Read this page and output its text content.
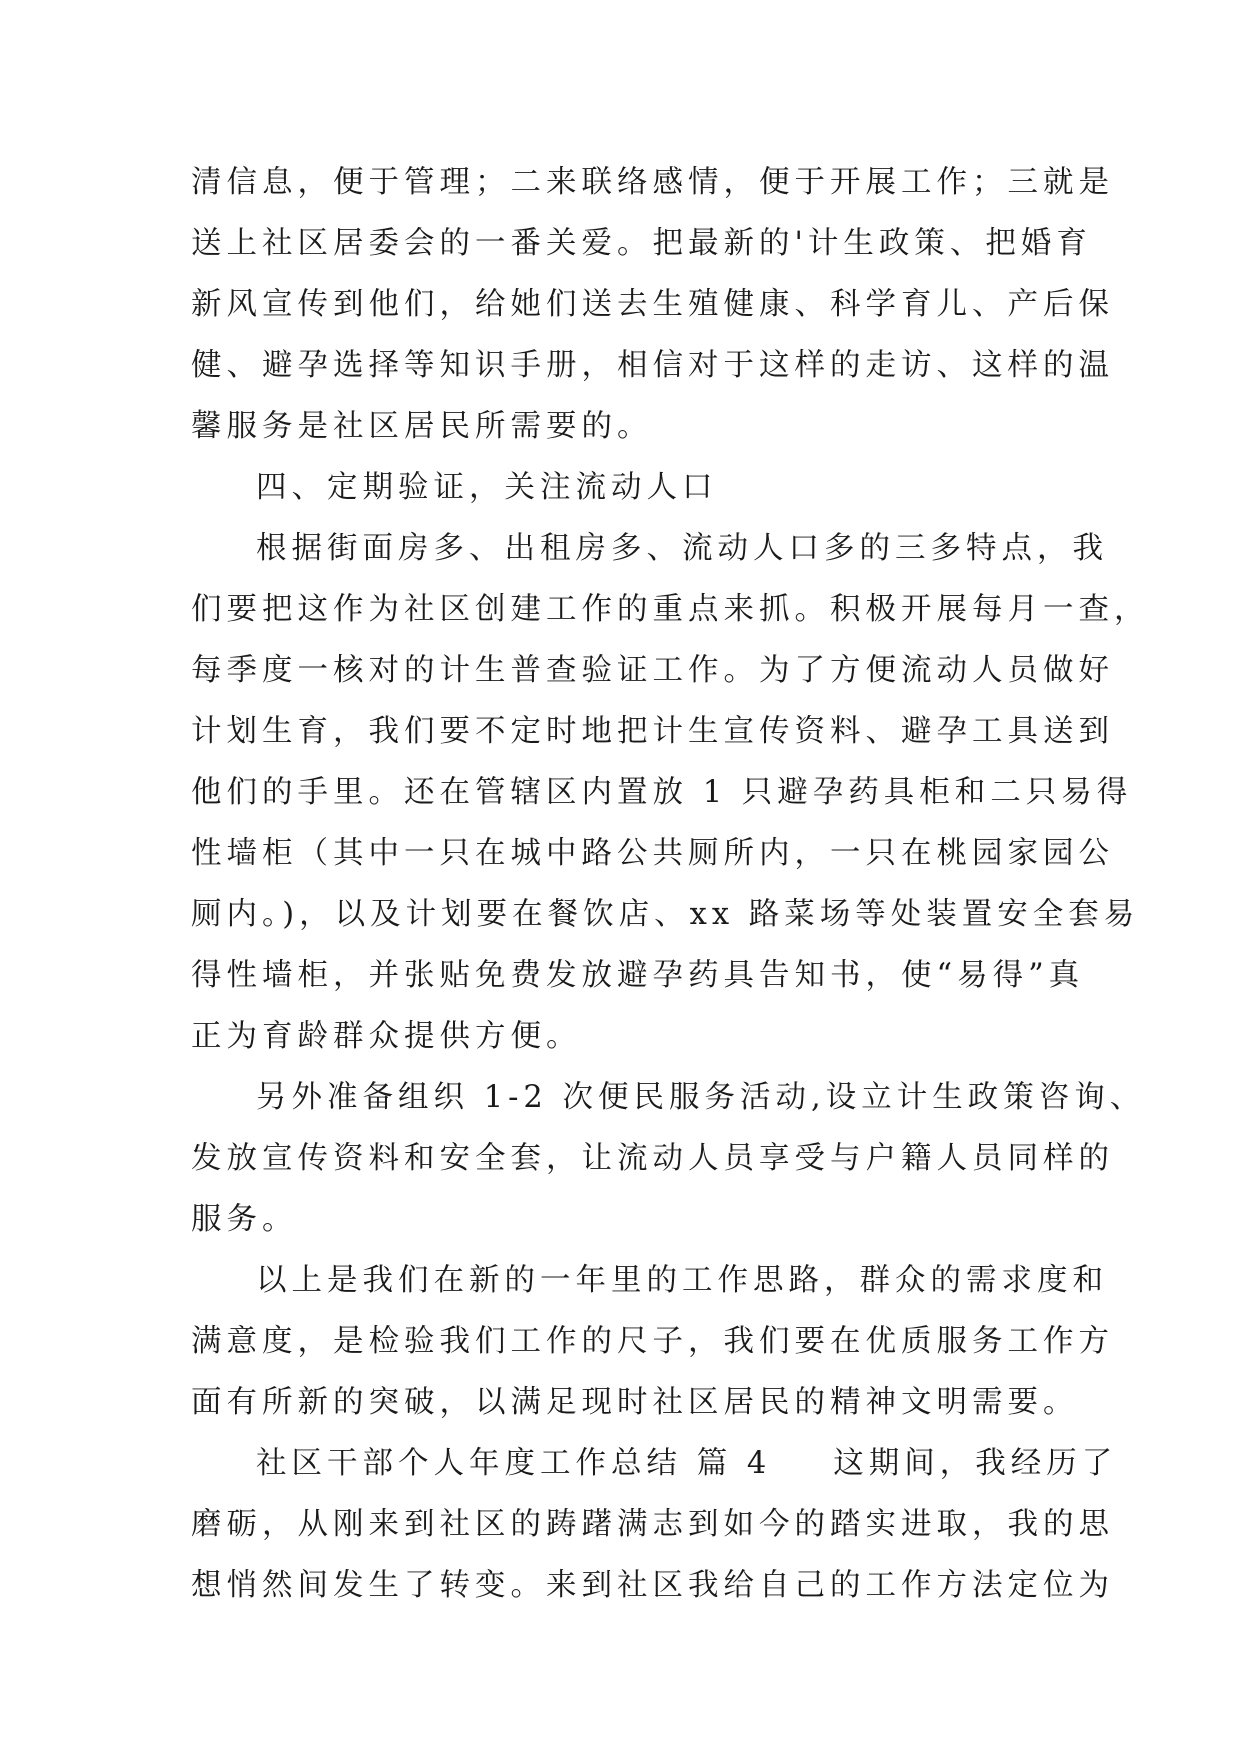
清信息，便于管理；二来联络感情，便于开展工作；三就是
送上社区居委会的一番关爱。把最新的'计生政策、把婚育
新风宣传到他们，给她们送去生殖健康、科学育儿、产后保
健、避孕选择等知识手册，相信对于这样的走访、这样的温
馨服务是社区居民所需要的。
四、定期验证，关注流动人口
根据街面房多、出租房多、流动人口多的三多特点，我
们要把这作为社区创建工作的重点来抓。积极开展每月一查，
每季度一核对的计生普查验证工作。为了方便流动人员做好
计划生育，我们要不定时地把计生宣传资料、避孕工具送到
他们的手里。还在管辖区内置放 1 只避孕药具柜和二只易得
性墙柜（其中一只在城中路公共厕所内，一只在桃园家园公
厕内。)，以及计划要在餐饮店、xx 路菜场等处装置安全套易
得性墙柜，并张贴免费发放避孕药具告知书，使“易得”真
正为育龄群众提供方便。
另外准备组织 1-2 次便民服务活动,设立计生政策咨询、
发放宣传资料和安全套，让流动人员享受与户籍人员同样的
服务。
以上是我们在新的一年里的工作思路，群众的需求度和
满意度，是检验我们工作的尺子，我们要在优质服务工作方
面有所新的突破，以满足现时社区居民的精神文明需要。
社区干部个人年度工作总结 篇 4 这期间，我经历了
磨砺，从刚来到社区的踌躇满志到如今的踏实进取，我的思
想悄然间发生了转变。来到社区我给自己的工作方法定位为
